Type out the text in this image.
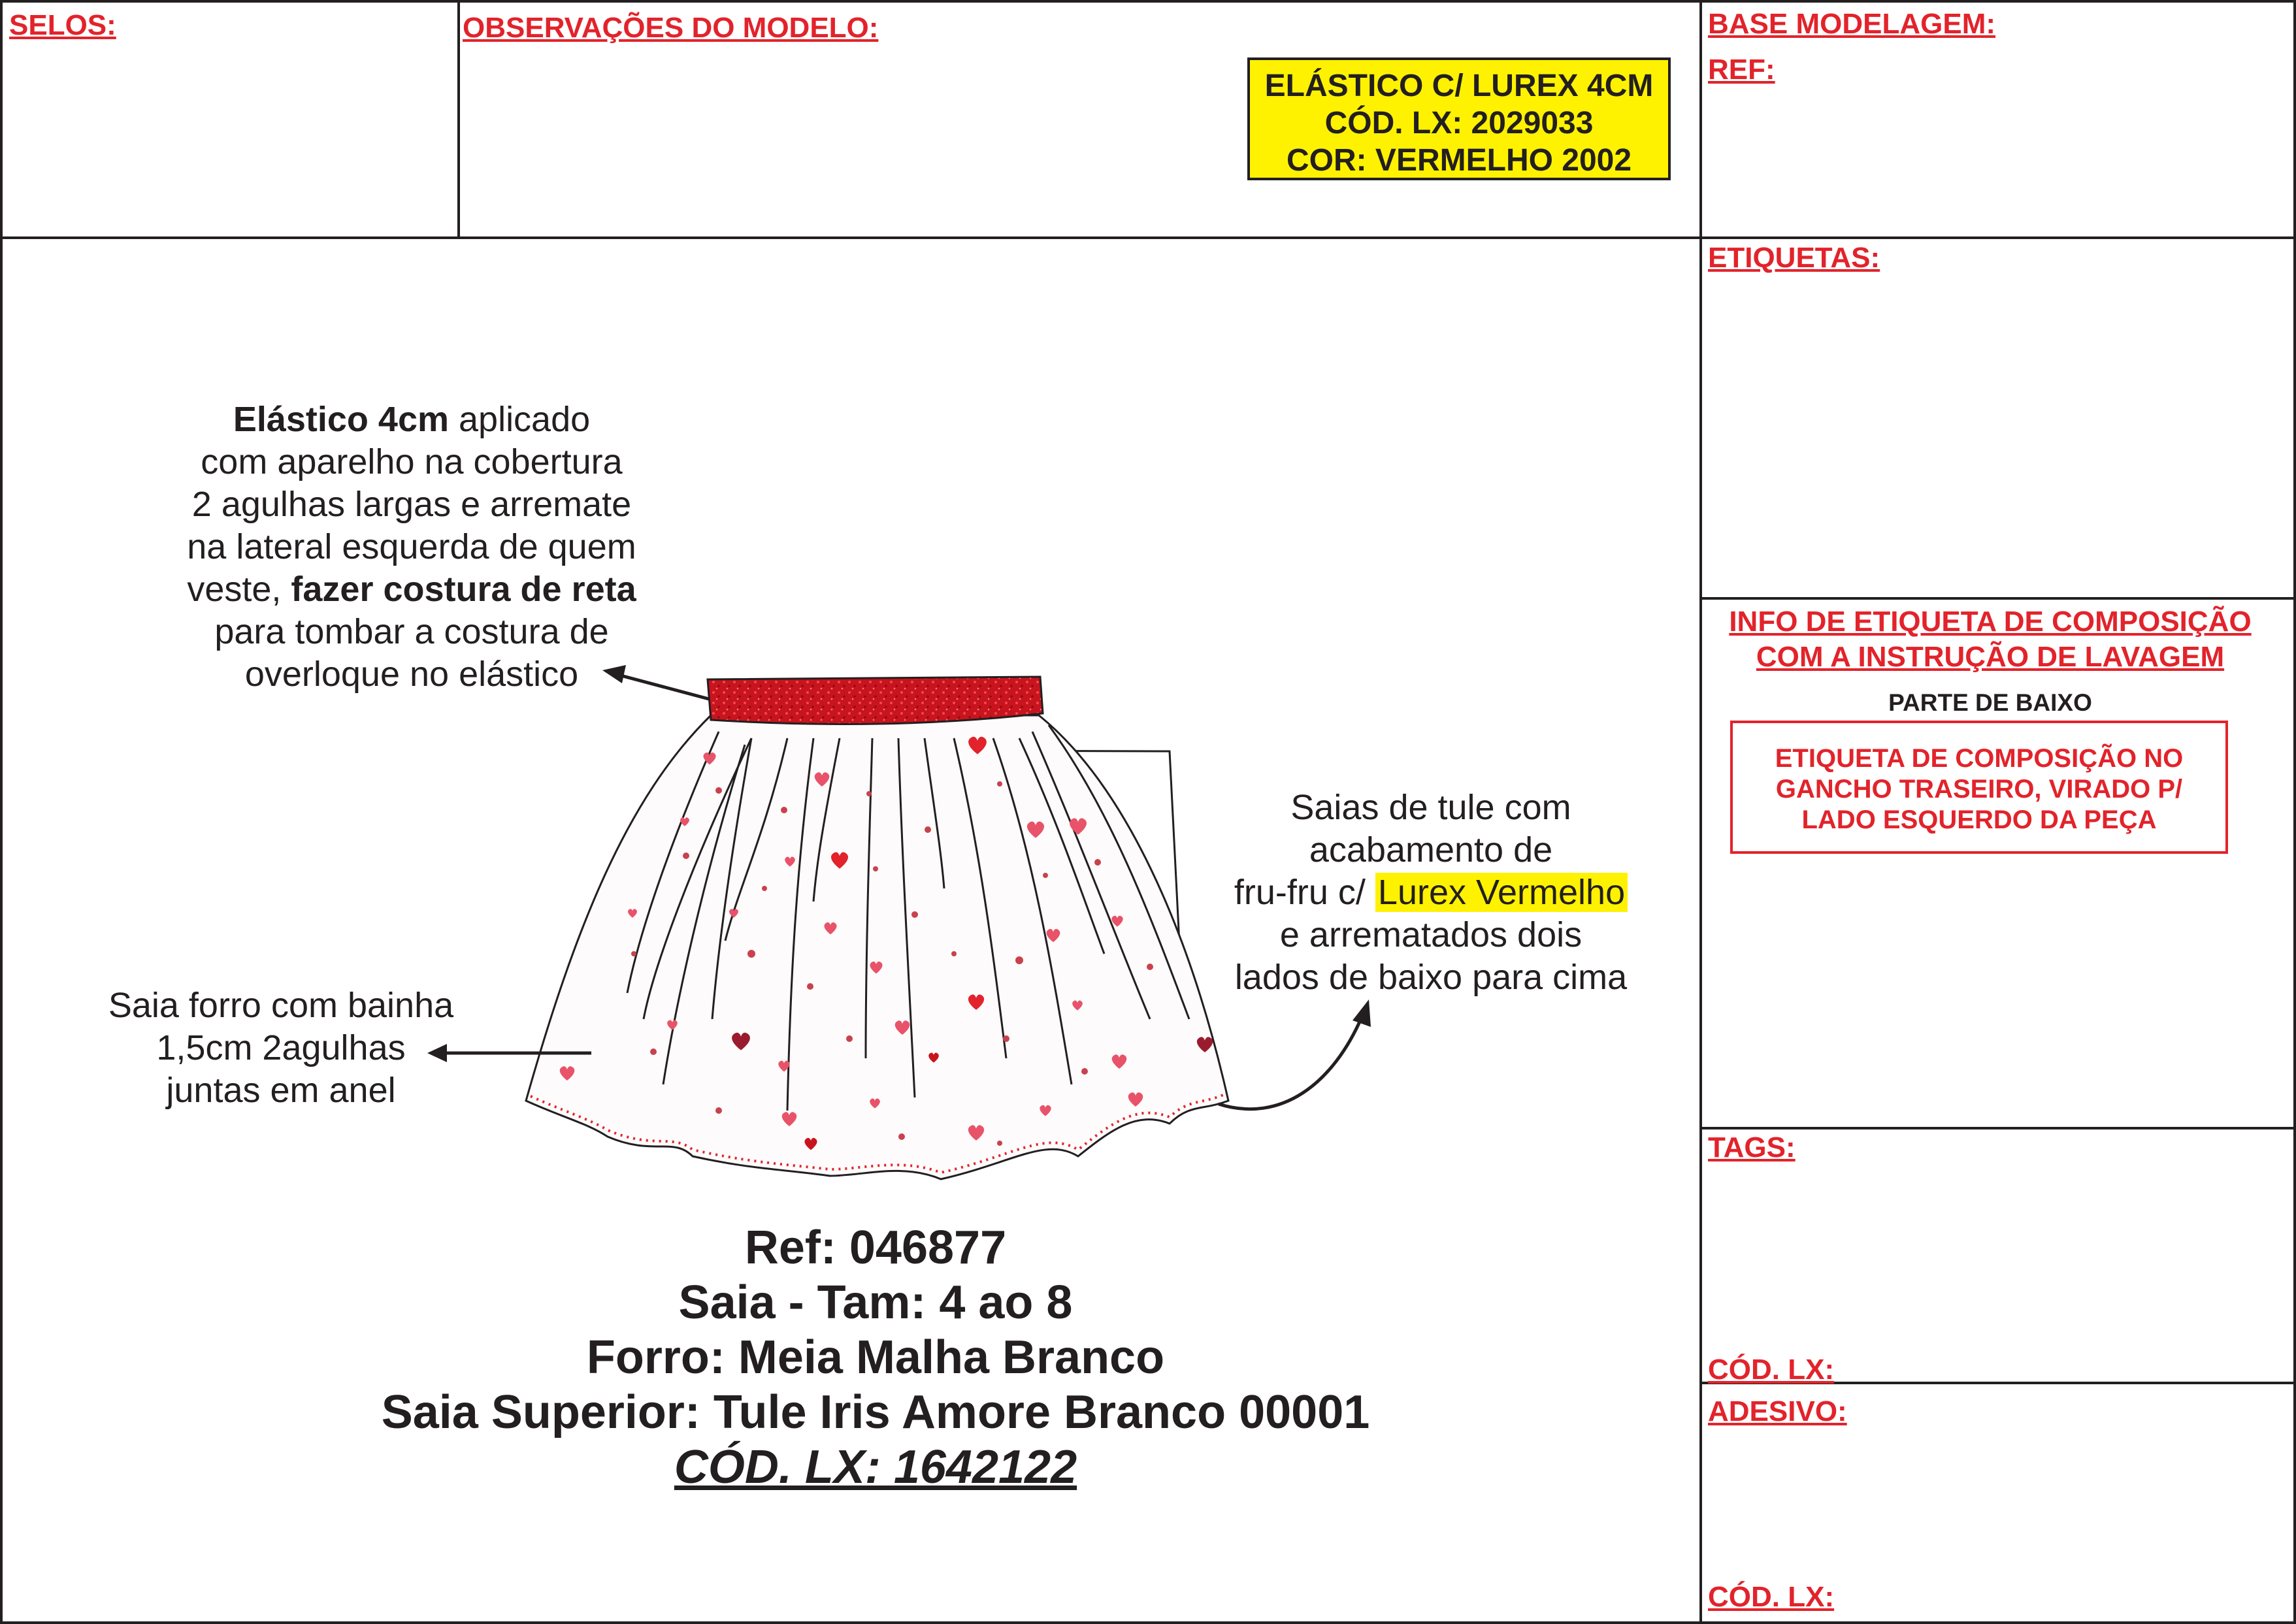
SELOS:	OBSERVAÇÕES DO MODELO:
ELÁSTICO C/ LUREX 4CM
CÓD. LX: 2029033
COR: VERMELHO 2002
BASE MODELAGEM:
REF:
ETIQUETAS:
INFO DE ETIQUETA DE COMPOSIÇÃO
COM A INSTRUÇÃO DE LAVAGEM
PARTE DE BAIXO
ETIQUETA DE COMPOSIÇÃO NO
GANCHO TRASEIRO, VIRADO P/
LADO ESQUERDO DA PEÇA
TAGS:
CÓD. LX:
ADESIVO:
CÓD. LX:
Elástico 4cm aplicado
com aparelho na cobertura
2 agulhas largas e arremate
na lateral esquerda de quem
veste, fazer costura de reta
para tombar a costura de
overloque no elástico
Saia forro com bainha
1,5cm 2agulhas
juntas em anel
Saias de tule com
acabamento de
fru-fru c/ Lurex Vermelho
e arrematados dois
lados de baixo para cima
Ref: 046877
Saia - Tam: 4 ao 8
Forro: Meia Malha Branco
Saia Superior: Tule Iris Amore Branco 00001
CÓD. LX: 1642122
